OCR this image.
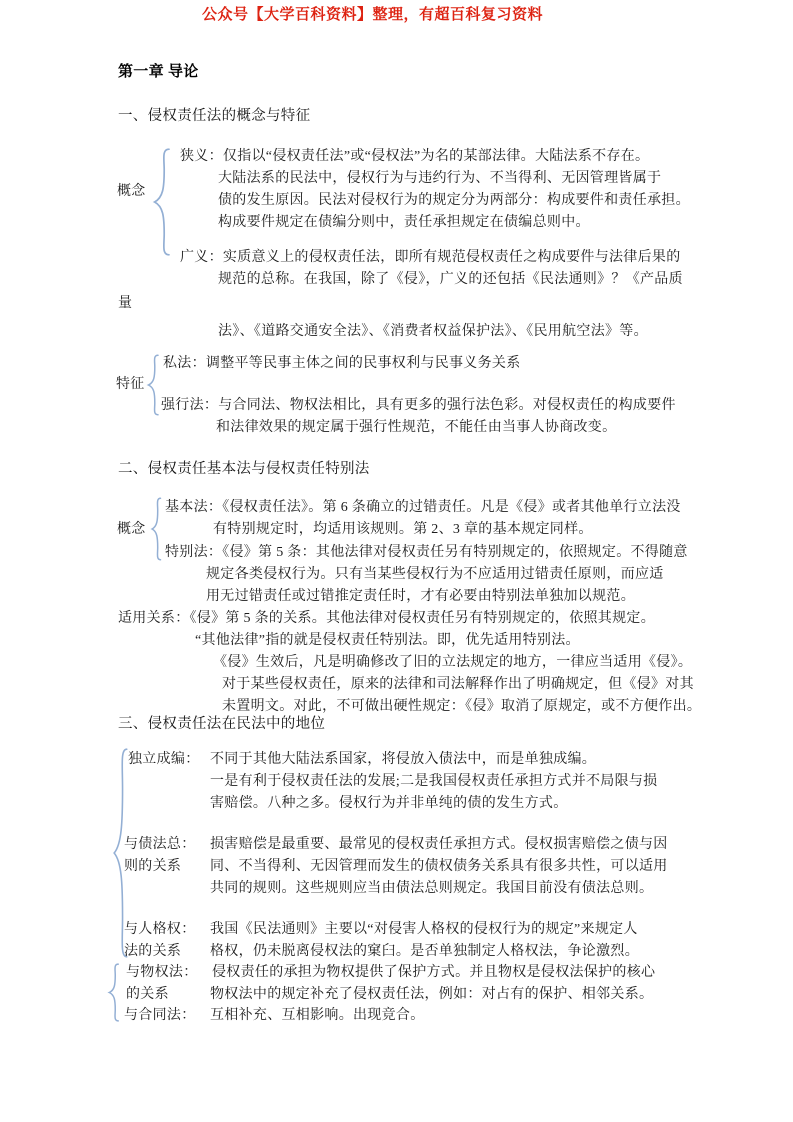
公众号【大学百科资料】整理，有超百科复习资料
第一章 导论
一、侵权责任法的概念与特征
概念
狭义：仅指以“侵权责任法”或“侵权法”为名的某部法律。大陆法系不存在。
大陆法系的民法中，侵权行为与违约行为、不当得利、无因管理皆属于
债的发生原因。民法对侵权行为的规定分为两部分：构成要件和责任承担。
构成要件规定在债编分则中，责任承担规定在债编总则中。
广义：实质意义上的侵权责任法，即所有规范侵权责任之构成要件与法律后果的
规范的总称。在我国，除了《侵》，广义的还包括《民法通则》？《产品质
量
法》、《道路交通安全法》、《消费者权益保护法》、《民用航空法》等。
特征
私法：调整平等民事主体之间的民事权利与民事义务关系
强行法：与合同法、物权法相比，具有更多的强行法色彩。对侵权责任的构成要件
和法律效果的规定属于强行性规范，不能任由当事人协商改变。
二、侵权责任基本法与侵权责任特别法
概念
基本法：《侵权责任法》。第 6 条确立的过错责任。凡是《侵》或者其他单行立法没
有特别规定时，均适用该规则。第 2、3 章的基本规定同样。
特别法：《侵》第 5 条：其他法律对侵权责任另有特别规定的，依照规定。不得随意
规定各类侵权行为。只有当某些侵权行为不应适用过错责任原则，而应适
用无过错责任或过错推定责任时，才有必要由特别法单独加以规范。
适用关系：《侵》第 5 条的关系。其他法律对侵权责任另有特别规定的，依照其规定。
“其他法律”指的就是侵权责任特别法。即，优先适用特别法。
《侵》生效后，凡是明确修改了旧的立法规定的地方，一律应当适用《侵》。
对于某些侵权责任，原来的法律和司法解释作出了明确规定，但《侵》对其
未置明文。对此，不可做出硬性规定：《侵》取消了原规定，或不方便作出。
三、侵权责任法在民法中的地位
独立成编： 不同于其他大陆法系国家，将侵放入债法中，而是单独成编。
一是有利于侵权责任法的发展;二是我国侵权责任承担方式并不局限与损
害赔偿。八种之多。侵权行为并非单纯的债的发生方式。
与债法总： 损害赔偿是最重要、最常见的侵权责任承担方式。侵权损害赔偿之债与因
则的关系 同、不当得利、无因管理而发生的债权债务关系具有很多共性，可以适用
共同的规则。这些规则应当由债法总则规定。我国目前没有债法总则。
与人格权： 我国《民法通则》主要以“对侵害人格权的侵权行为的规定”来规定人
法的关系 格权，仍未脱离侵权法的窠臼。是否单独制定人格权法，争论激烈。
与物权法： 侵权责任的承担为物权提供了保护方式。并且物权是侵权法保护的核心
的关系	物权法中的规定补充了侵权责任法，例如：对占有的保护、相邻关系。
与合同法： 互相补充、互相影响。出现竞合。
